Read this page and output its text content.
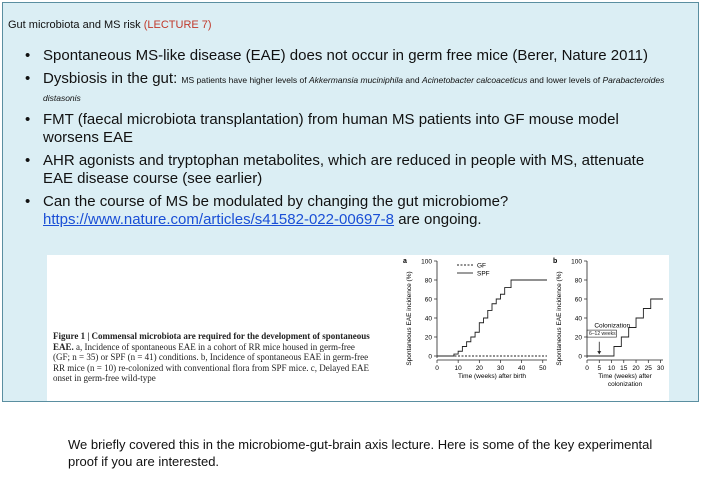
Gut microbiota and MS risk (LECTURE 7)
• Spontaneous MS-like disease (EAE) does not occur in germ free mice (Berer, Nature 2011)
• Dysbiosis in the gut: MS patients have higher levels of Akkermansia muciniphila and Acinetobacter calcoaceticus and lower levels of Parabacteroides distasonis
• FMT (faecal microbiota transplantation) from human MS patients into GF mouse model worsens EAE
• AHR agonists and tryptophan metabolites, which are reduced in people with MS, attenuate EAE disease course (see earlier)
• Can the course of MS be modulated by changing the gut microbiome?
https://www.nature.com/articles/s41582-022-00697-8 are ongoing.
Figure 1 | Commensal microbiota are required for the development of spontaneous EAE. a, Incidence of spontaneous EAE in a cohort of RR mice housed in germ-free (GF; n = 35) or SPF (n = 41) conditions. b, Incidence of spontaneous EAE in germ-free RR mice (n = 10) re-colonized with conventional flora from SPF mice. c, Delayed EAE onset in germ-free wild-type
a
0
20
40
60
80
100
0 10 20 30 40 50
Time (weeks) after birth
Spontaneous EAE incidence (%)
GF
SPF
b
0
20
40
60
80
100
0 5 10 15 20 25 30
Time (weeks) after
colonization
Spontaneous EAE incidence (%)	Colonization
6–12 weeks
We briefly covered this in the microbiome-gut-brain axis lecture. Here is some of the key experimental proof if you are interested.
